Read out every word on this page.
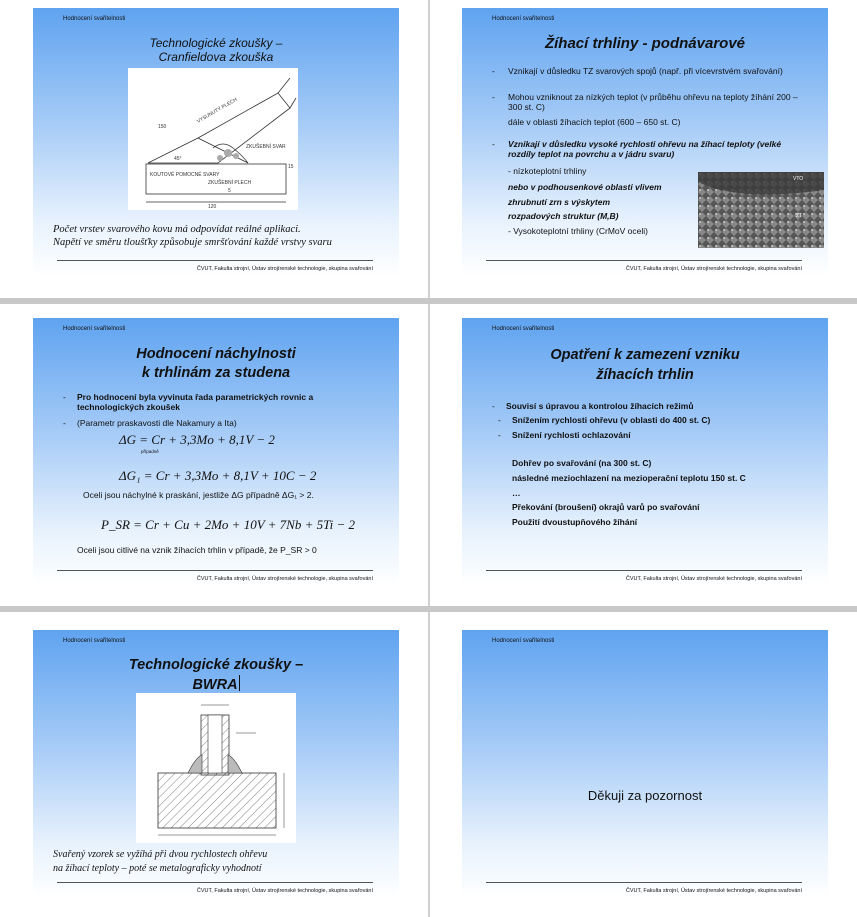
Hodnocení svařitelnosti
Technologické zkoušky –
Cranfieldova zkouška
VYSUNUTÝ PLECH
ZKUŠEBNÍ SVAR
KOUTOVÉ POMOCNÉ SVARY
ZKUŠEBNÍ PLECH
120
45°
15
150
5
Počet vrstev svarového kovu má odpovídat reálné aplikaci.
Napětí ve směru tloušťky způsobuje smršťování každé vrstvy svaru
ČVUT, Fakulta strojní, Ústav strojírenské technologie, skupina svařování
Hodnocení svařitelnosti
Žíhací trhliny - podnávarové
- Vznikají v důsledku TZ svarových spojů (např. při vícevrstvém svařování)
- Mohou vzniknout za nízkých teplot (v průběhu ohřevu na teploty žíhání 200 – 300 st. C)
dále v oblasti žíhacích teplot (600 – 650 st. C)
- Vznikají v důsledku vysoké rychlosti ohřevu na žíhací teploty (velké rozdíly teplot na povrchu a v jádru svaru)
- nízkoteplotní trhliny
nebo v podhousenkové oblasti vlivem
zhrubnutí zrn s výskytem
rozpadových struktur (M,B)
- Vysokoteplotní trhliny (CrMoV oceli)
VTO
ZT
ČVUT, Fakulta strojní, Ústav strojírenské technologie, skupina svařování
Hodnocení svařitelnosti
Hodnocení náchylnosti
k trhlinám za studena
- Pro hodnocení byla vyvinuta řada parametrických rovnic a technologických zkoušek
- (Parametr praskavosti dle Nakamury a Ita)
ΔG = Cr + 3,3Mo + 8,1V − 2
případně
ΔG₁ = Cr + 3,3Mo + 8,1V + 10C − 2
Oceli jsou náchylné k praskání, jestliže ΔG případně ΔG₁ > 2.
P_SR = Cr + Cu + 2Mo + 10V + 7Nb + 5Ti − 2
Oceli jsou citlivé na vznik žíhacích trhlin v případě, že P_SR > 0
ČVUT, Fakulta strojní, Ústav strojírenské technologie, skupina svařování
Hodnocení svařitelnosti
Opatření k zamezení vzniku
žíhacích trhlin
- Souvisí s úpravou a kontrolou žíhacích režimů
- Snížením rychlosti ohřevu (v oblasti do 400 st. C)
- Snížení rychlosti ochlazování
Dohřev po svařování (na 300 st. C)
následné meziochlazení na mezioperační teplotu 150 st. C
…
Překování (broušení) okrajů varů po svařování
Použití dvoustupňového žíhání
ČVUT, Fakulta strojní, Ústav strojírenské technologie, skupina svařování
Hodnocení svařitelnosti
Technologické zkoušky –
BWRA
Svařený vzorek se vyžíhá při dvou rychlostech ohřevu
na žíhací teploty – poté se metalograficky vyhodnotí
ČVUT, Fakulta strojní, Ústav strojírenské technologie, skupina svařování
Hodnocení svařitelnosti
Děkuji za pozornost
ČVUT, Fakulta strojní, Ústav strojírenské technologie, skupina svařování
